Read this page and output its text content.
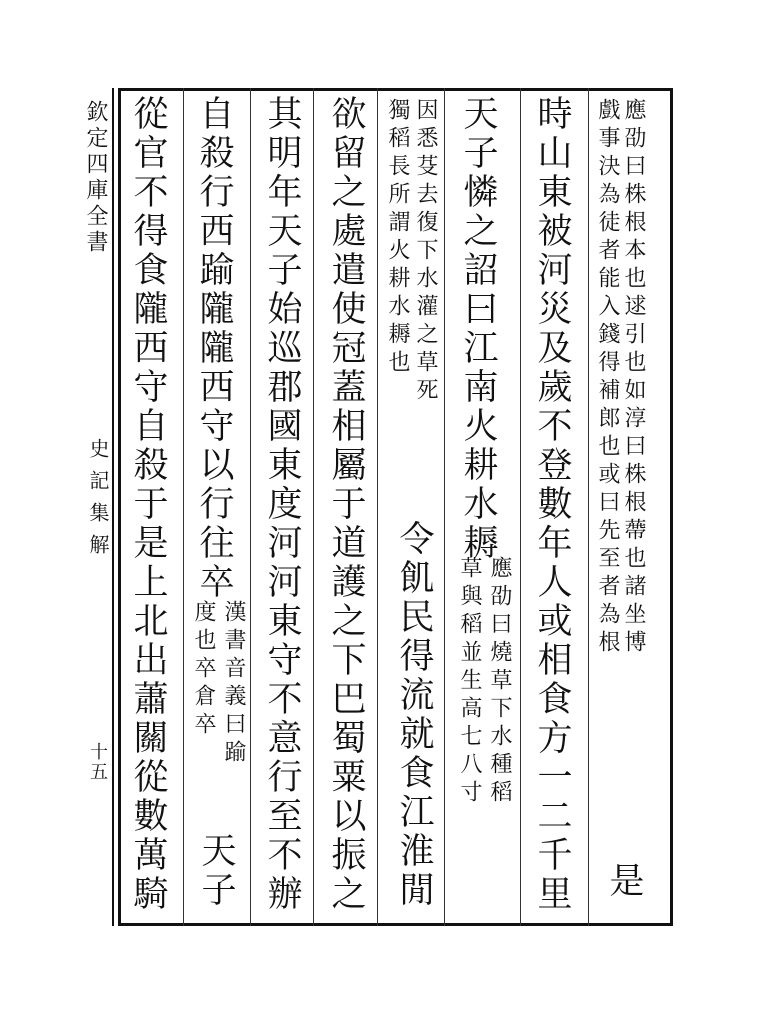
欽定四庫全書
史記集解
十五
應劭曰株根本也逑引也如淳曰株根蔕也諸坐博
戲事決為徒者能入錢得補郎也或曰先至者為根
是
時山東被河災及歲不登數年人或相食方一二千里
天子憐之詔曰江南火耕水耨
應劭曰燒草下水種稻
草與稻並生高七八寸
因悉芟去復下水灌之草死
獨稻長所謂火耕水耨也
令飢民得流就食江淮閒
欲留之處遣使冠蓋相屬于道護之下巴蜀粟以振之
其明年天子始巡郡國東度河河東守不意行至不辦
自殺行西踰隴隴西守以行往卒
漢書音義曰踰
度也卒倉卒
天子
從官不得食隴西守自殺于是上北出蕭關從數萬騎
